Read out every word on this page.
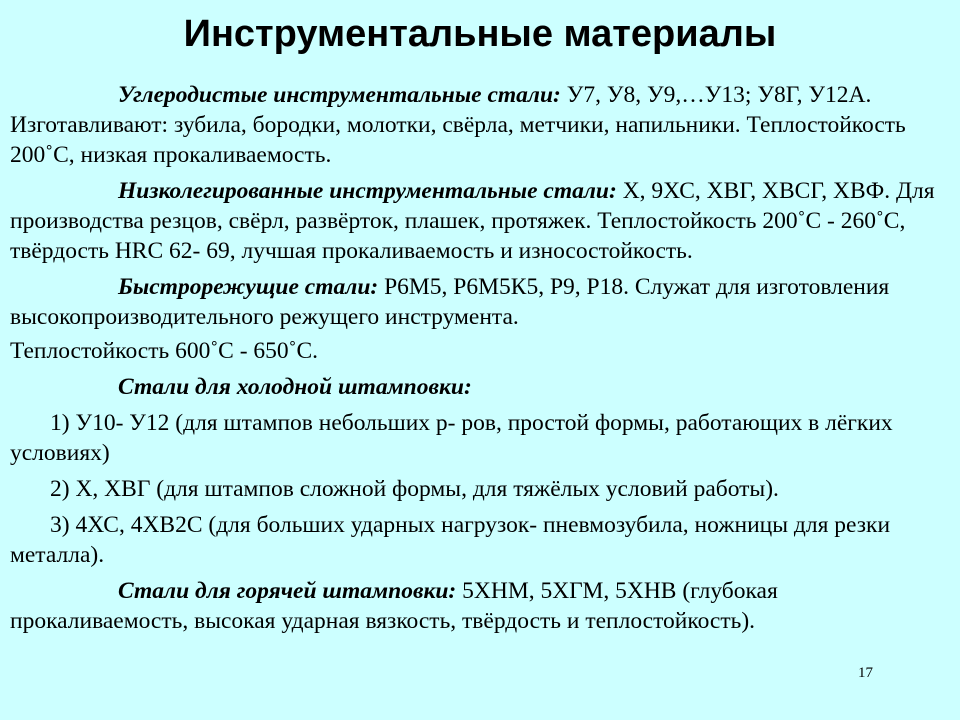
Инструментальные материалы

Углеродистые инструментальные стали: У7, У8, У9,…У13; У8Г, У12А. Изготавливают: зубила, бородки, молотки, свёрла, метчики, напильники. Теплостойкость 200˚С, низкая прокаливаемость.

Низколегированные инструментальные стали: Х, 9ХС, ХВГ, ХВСГ, ХВФ. Для производства резцов, свёрл, развёрток, плашек, протяжек. Теплостойкость 200˚С - 260˚С, твёрдость HRC 62- 69, лучшая прокаливаемость и износостойкость.

Быстрорежущие стали: Р6М5, Р6М5К5, Р9, Р18. Служат для изготовления высокопроизводительного режущего инструмента.

Теплостойкость 600˚С - 650˚С.

Стали для холодной штамповки:

1) У10- У12 (для штампов небольших р- ров, простой формы, работающих в лёгких условиях)

2) Х, ХВГ (для штампов сложной формы, для тяжёлых условий работы).

3) 4ХС, 4ХВ2С (для больших ударных нагрузок- пневмозубила, ножницы для резки металла).

Стали для горячей штамповки: 5ХНМ, 5ХГМ, 5ХНВ (глубокая прокаливаемость, высокая ударная вязкость, твёрдость и теплостойкость).

17
